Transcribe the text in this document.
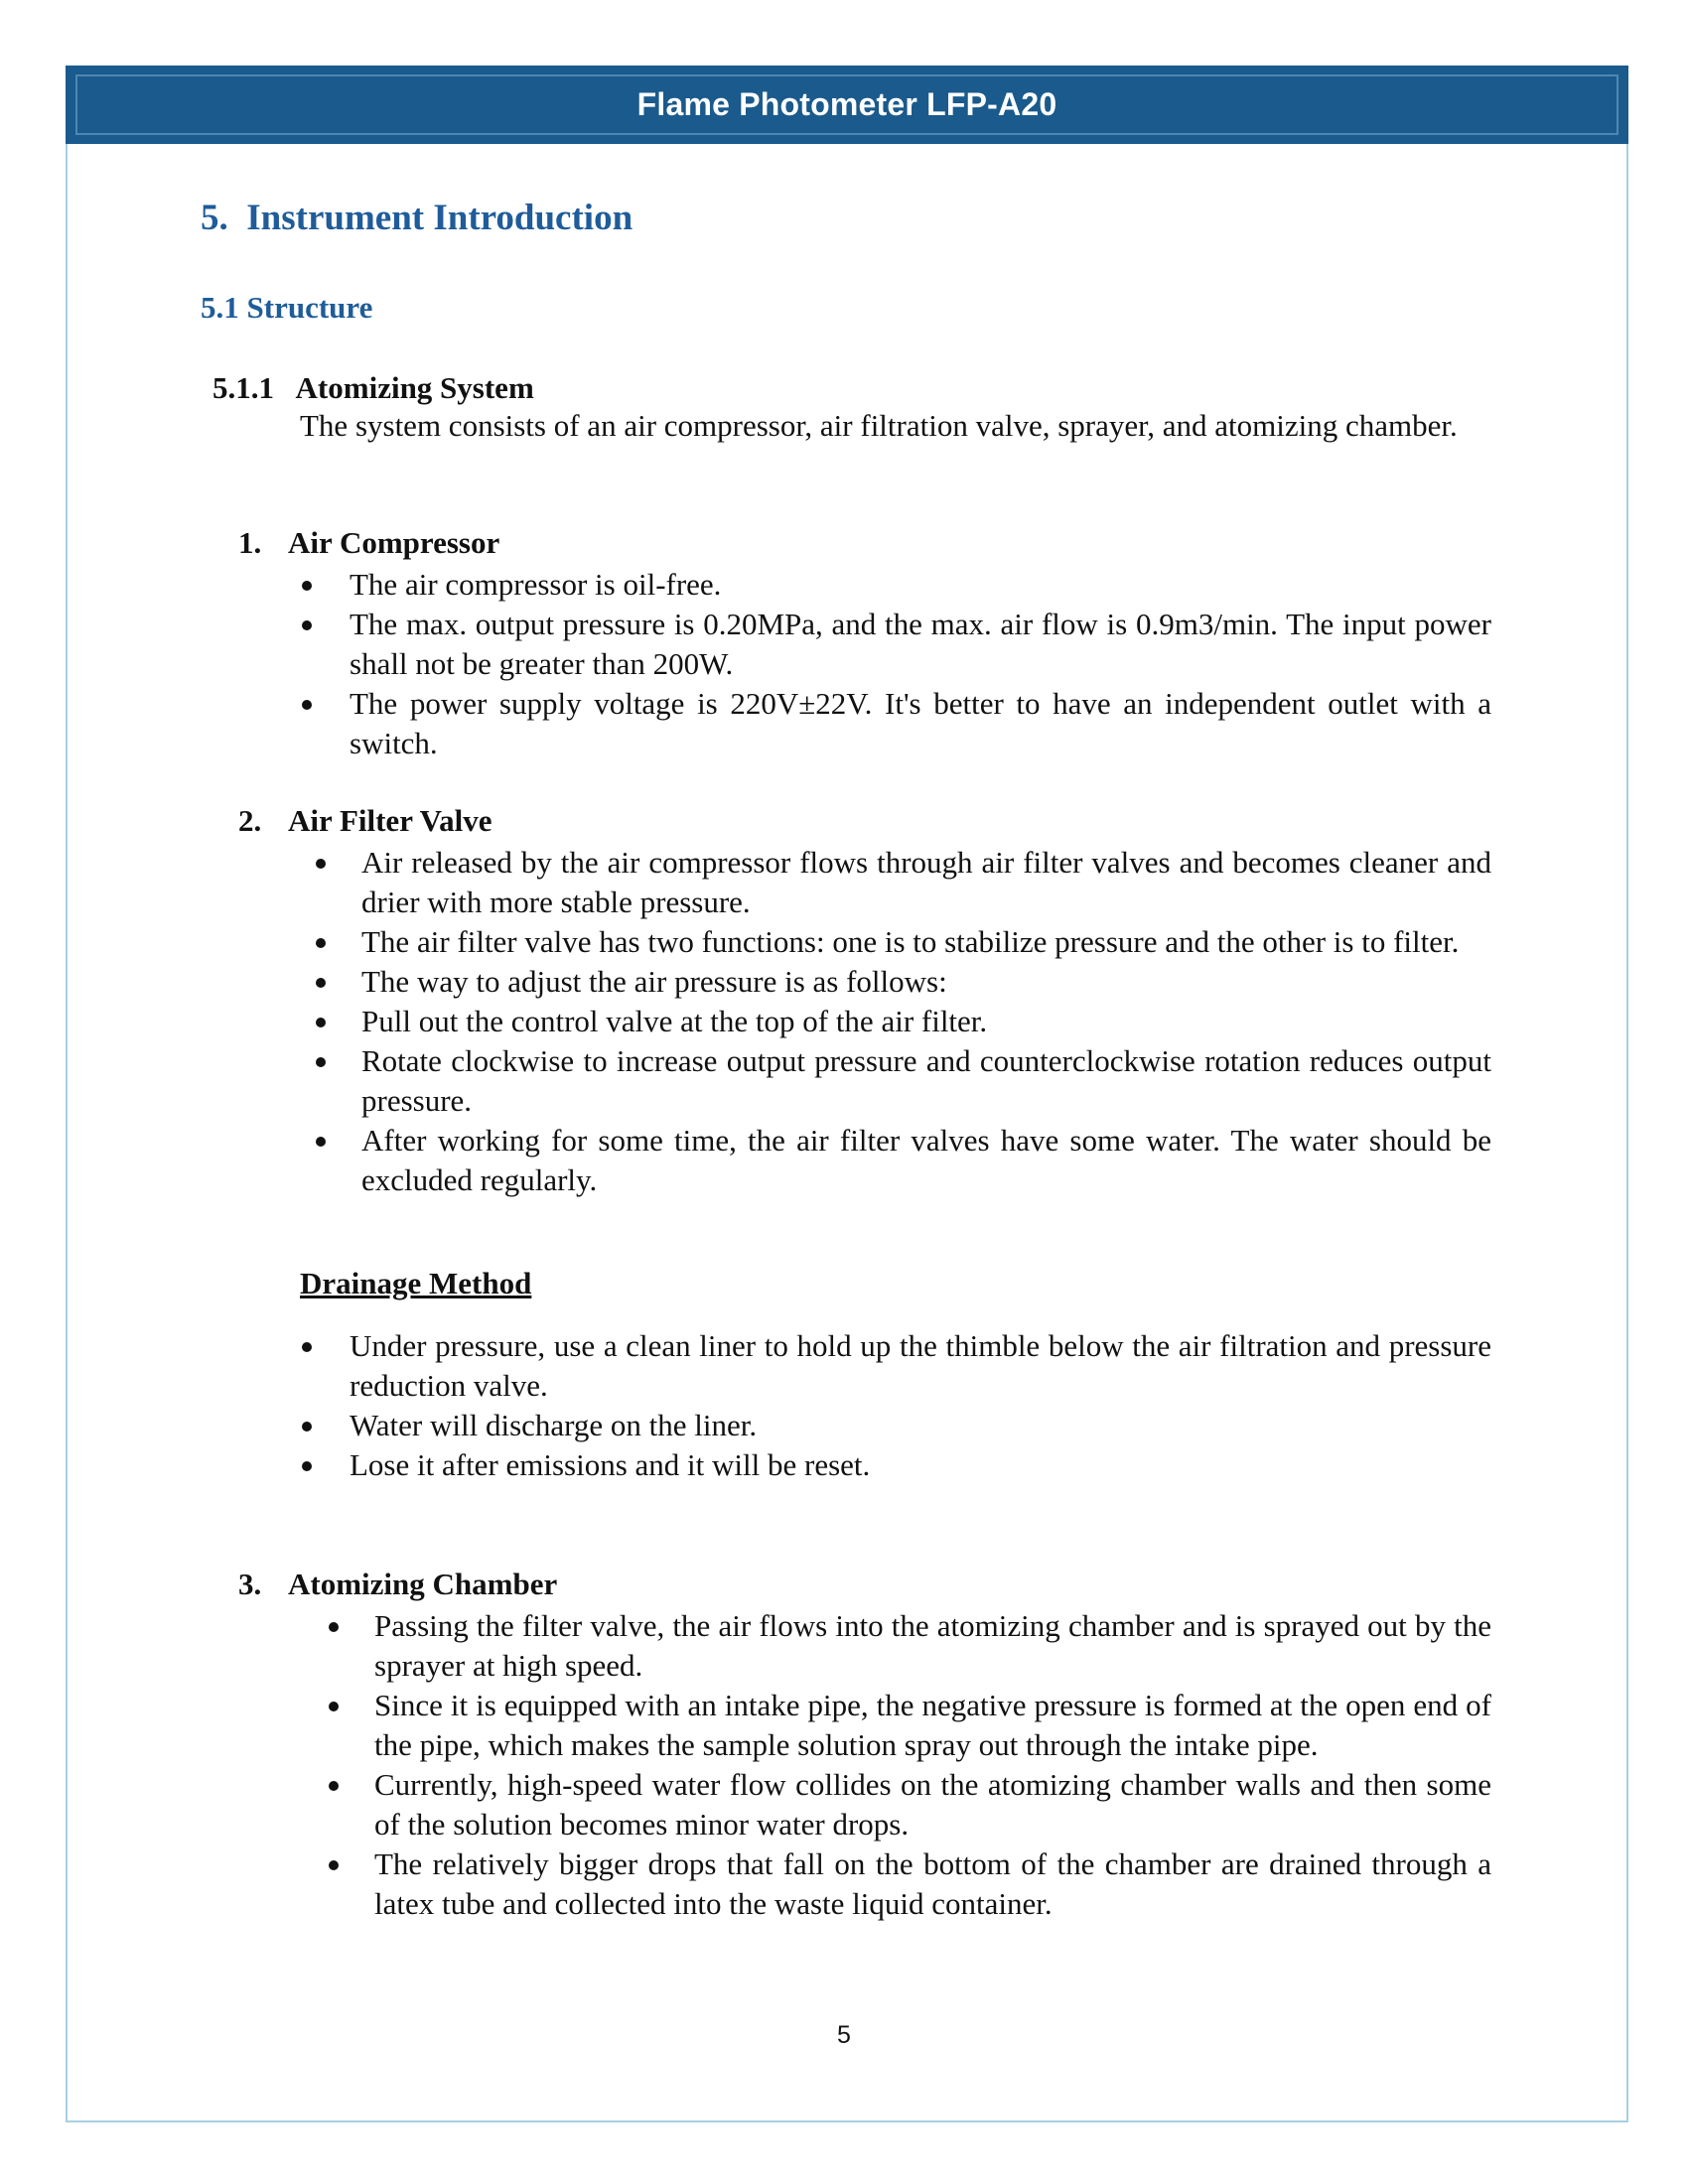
Flame Photometer LFP-A20
5. Instrument Introduction
5.1 Structure
5.1.1 Atomizing System
The system consists of an air compressor, air filtration valve, sprayer, and atomizing chamber.
1. Air Compressor
The air compressor is oil-free.
The max. output pressure is 0.20MPa, and the max. air flow is 0.9m3/min. The input power shall not be greater than 200W.
The power supply voltage is 220V±22V. It's better to have an independent outlet with a switch.
2. Air Filter Valve
Air released by the air compressor flows through air filter valves and becomes cleaner and drier with more stable pressure.
The air filter valve has two functions: one is to stabilize pressure and the other is to filter.
The way to adjust the air pressure is as follows:
Pull out the control valve at the top of the air filter.
Rotate clockwise to increase output pressure and counterclockwise rotation reduces output pressure.
After working for some time, the air filter valves have some water. The water should be excluded regularly.
Drainage Method
Under pressure, use a clean liner to hold up the thimble below the air filtration and pressure reduction valve.
Water will discharge on the liner.
Lose it after emissions and it will be reset.
3. Atomizing Chamber
Passing the filter valve, the air flows into the atomizing chamber and is sprayed out by the sprayer at high speed.
Since it is equipped with an intake pipe, the negative pressure is formed at the open end of the pipe, which makes the sample solution spray out through the intake pipe.
Currently, high-speed water flow collides on the atomizing chamber walls and then some of the solution becomes minor water drops.
The relatively bigger drops that fall on the bottom of the chamber are drained through a latex tube and collected into the waste liquid container.
5
